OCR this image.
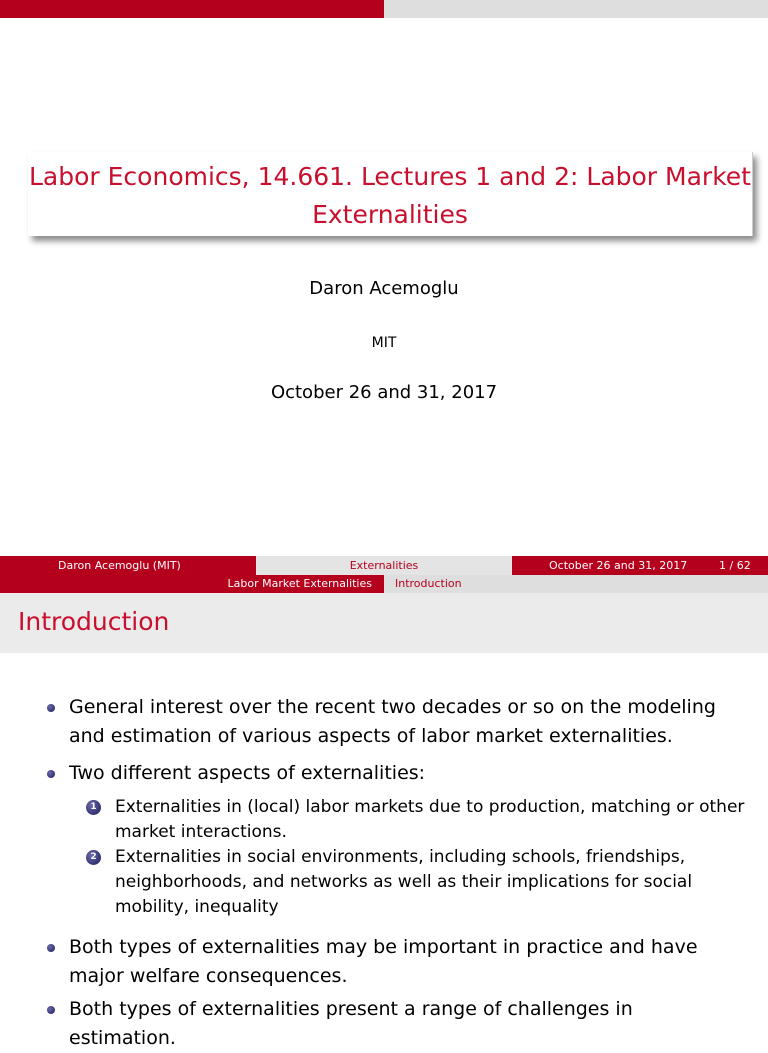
Labor Economics, 14.661. Lectures 1 and 2: Labor Market Externalities
Daron Acemoglu
MIT
October 26 and 31, 2017
Daron Acemoglu (MIT)	Externalities	October 26 and 31, 2017	1 / 62
Labor Market Externalities Introduction
Introduction
General interest over the recent two decades or so on the modeling and estimation of various aspects of labor market externalities.
Two different aspects of externalities:
1 Externalities in (local) labor markets due to production, matching or other market interactions.
2 Externalities in social environments, including schools, friendships, neighborhoods, and networks as well as their implications for social mobility, inequality
Both types of externalities may be important in practice and have major welfare consequences.
Both types of externalities present a range of challenges in estimation.
